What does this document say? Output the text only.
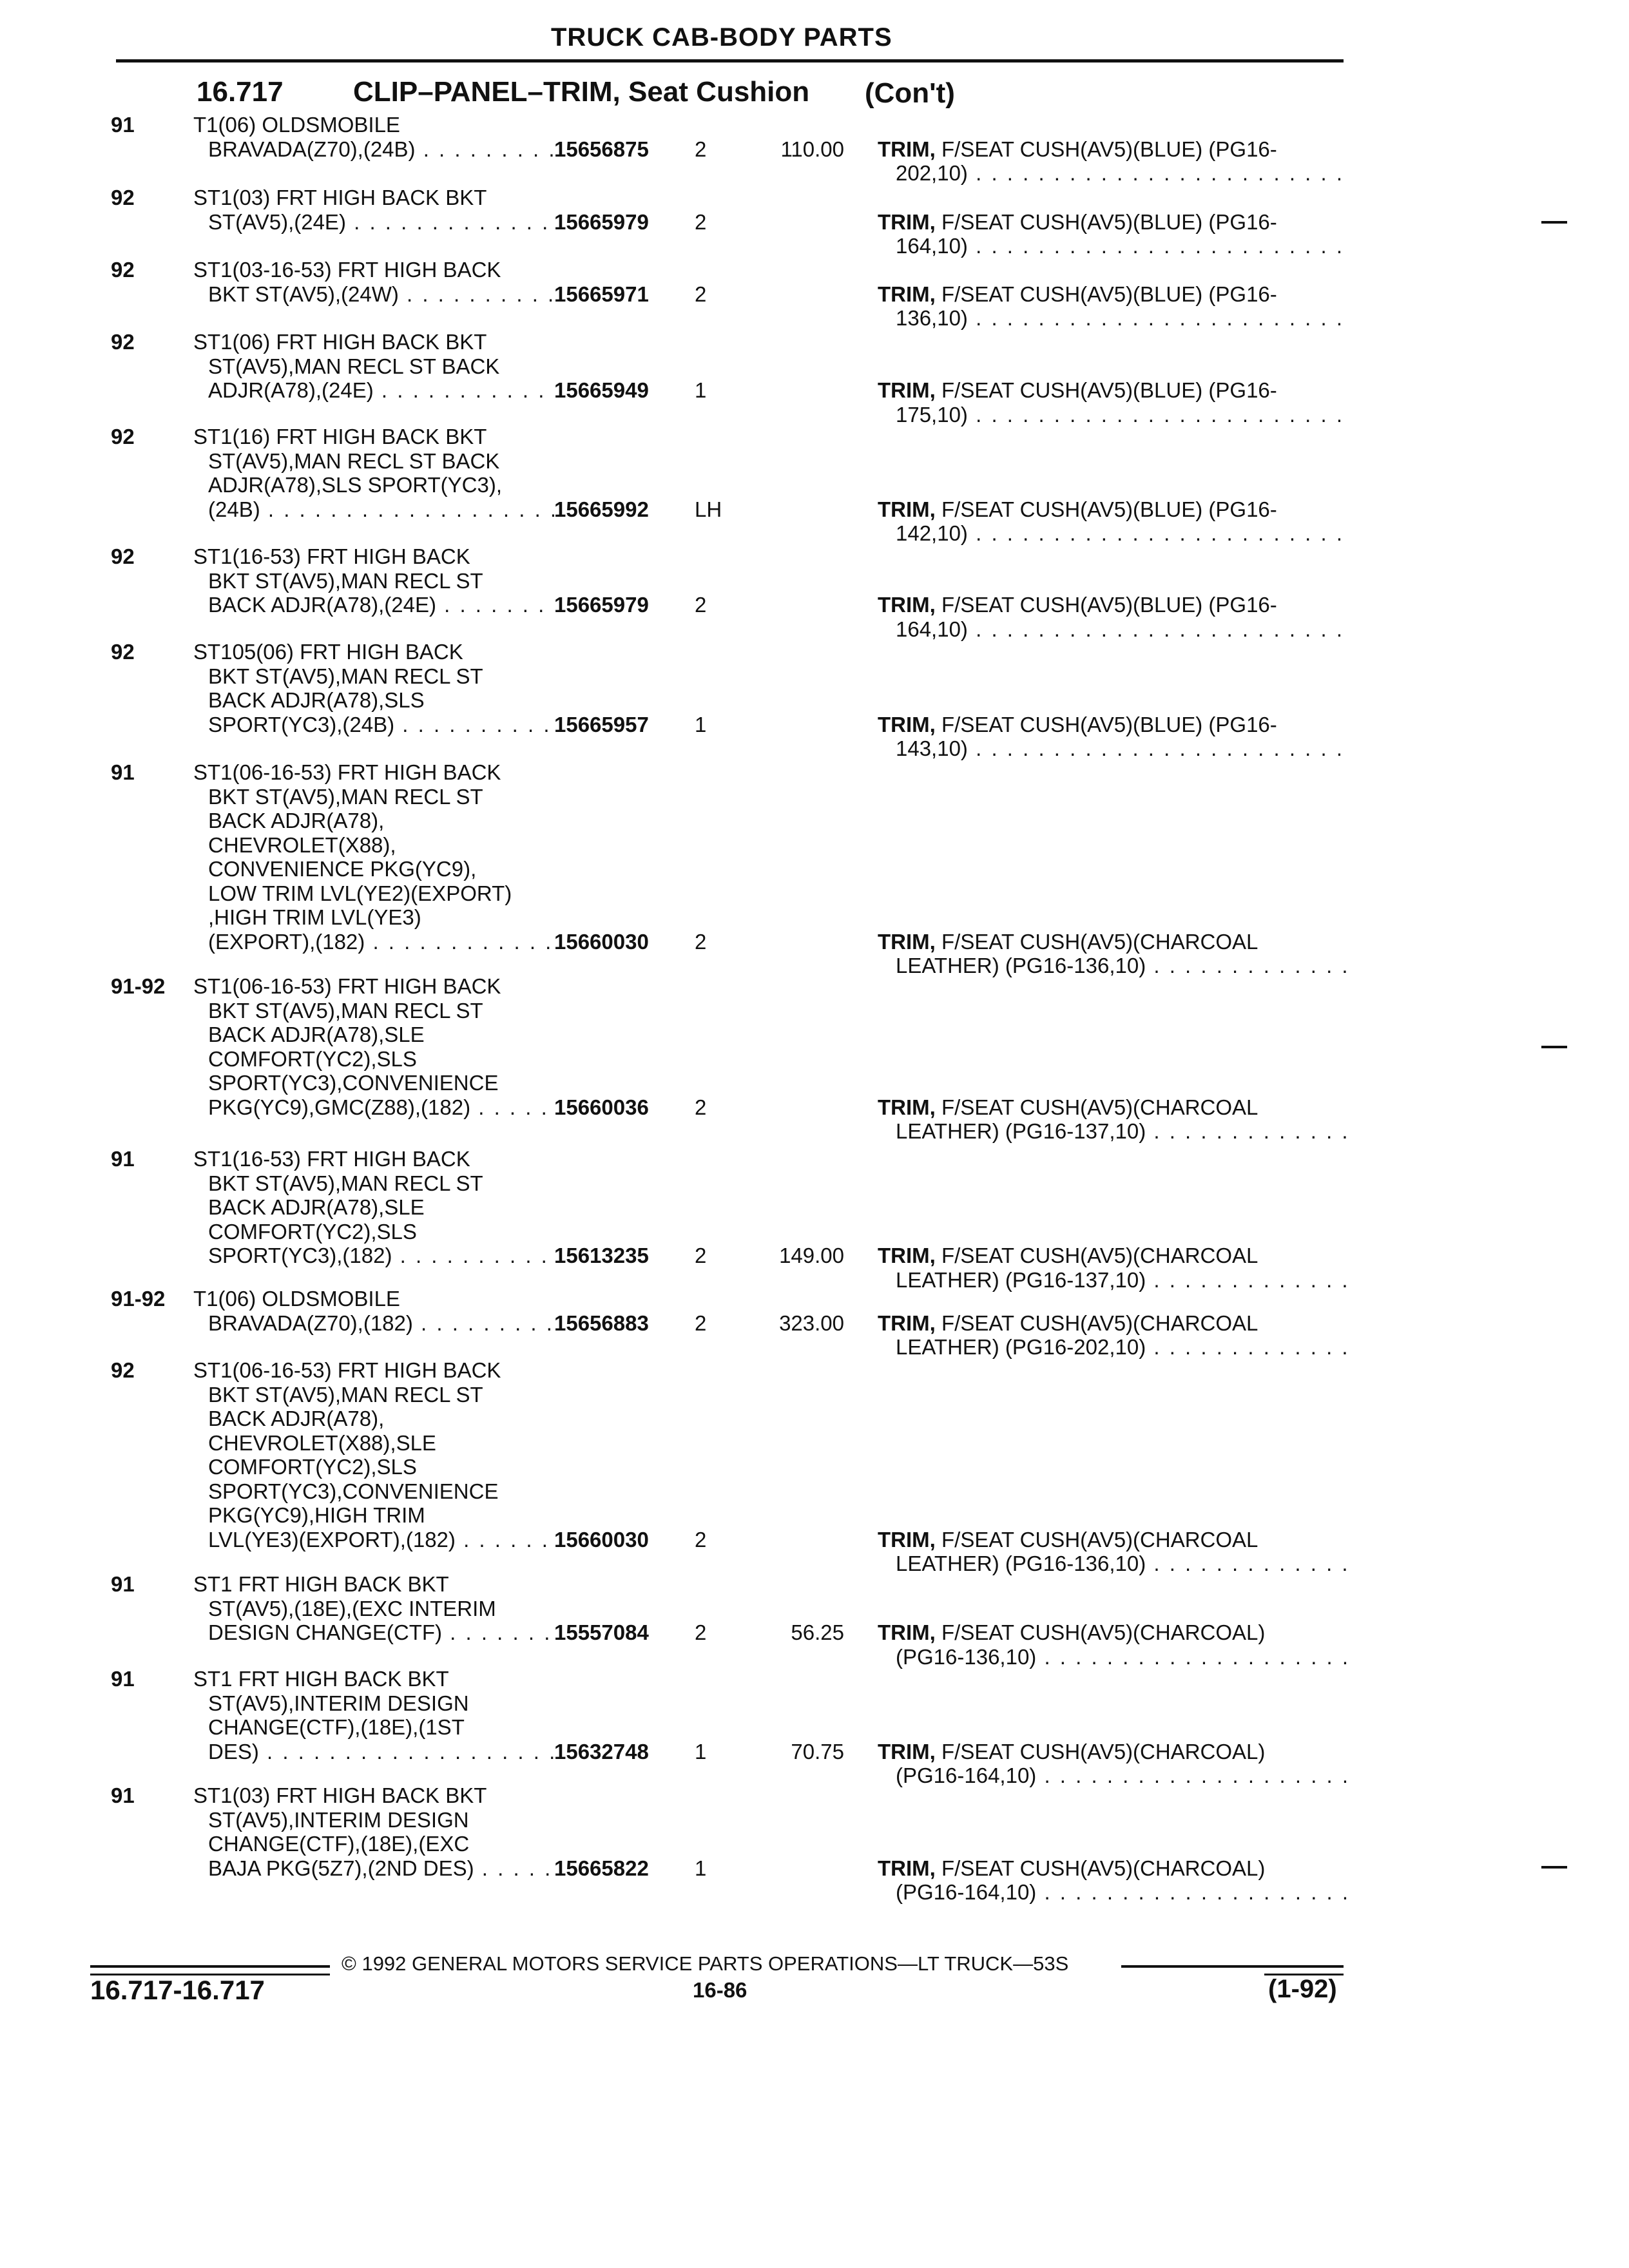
TRUCK CAB-BODY PARTS
16.717 CLIP–PANEL–TRIM, Seat Cushion (Con't)
91	T1(06) OLDSMOBILE
BRAVADA(Z70),(24B) . . .	15656875 2	110.00 TRIM, F/SEAT CUSH(AV5)(BLUE) (PG16-
202,10) . . .
92	ST1(03) FRT HIGH BACK BKT
ST(AV5),(24E) . . .	15665979 2	TRIM, F/SEAT CUSH(AV5)(BLUE) (PG16-
164,10) . . .
92	ST1(03-16-53) FRT HIGH BACK
BKT ST(AV5),(24W) . . .	15665971 2	TRIM, F/SEAT CUSH(AV5)(BLUE) (PG16-
136,10) . . .
92	ST1(06) FRT HIGH BACK BKT
ST(AV5),MAN RECL ST BACK
ADJR(A78),(24E) . . .	15665949 1	TRIM, F/SEAT CUSH(AV5)(BLUE) (PG16-
175,10) . . .
92	ST1(16) FRT HIGH BACK BKT
ST(AV5),MAN RECL ST BACK
ADJR(A78),SLS SPORT(YC3),
(24B) . . .	15665992 LH	TRIM, F/SEAT CUSH(AV5)(BLUE) (PG16-
142,10) . . .
92	ST1(16-53) FRT HIGH BACK
BKT ST(AV5),MAN RECL ST
BACK ADJR(A78),(24E) . . .	15665979 2	TRIM, F/SEAT CUSH(AV5)(BLUE) (PG16-
164,10) . . .
92	ST105(06) FRT HIGH BACK
BKT ST(AV5),MAN RECL ST
BACK ADJR(A78),SLS
SPORT(YC3),(24B) . . .	15665957 1	TRIM, F/SEAT CUSH(AV5)(BLUE) (PG16-
143,10) . . .
91	ST1(06-16-53) FRT HIGH BACK
BKT ST(AV5),MAN RECL ST
BACK ADJR(A78),
CHEVROLET(X88),
CONVENIENCE PKG(YC9),
LOW TRIM LVL(YE2)(EXPORT)
,HIGH TRIM LVL(YE3)
(EXPORT),(182) . . .	15660030 2	TRIM, F/SEAT CUSH(AV5)(CHARCOAL
LEATHER) (PG16-136,10) . . .
91-92 ST1(06-16-53) FRT HIGH BACK
BKT ST(AV5),MAN RECL ST
BACK ADJR(A78),SLE
COMFORT(YC2),SLS
SPORT(YC3),CONVENIENCE
PKG(YC9),GMC(Z88),(182) . . .	15660036 2	TRIM, F/SEAT CUSH(AV5)(CHARCOAL
LEATHER) (PG16-137,10) . . .
91	ST1(16-53) FRT HIGH BACK
BKT ST(AV5),MAN RECL ST
BACK ADJR(A78),SLE
COMFORT(YC2),SLS
SPORT(YC3),(182) . . .	15613235 2	149.00 TRIM, F/SEAT CUSH(AV5)(CHARCOAL
LEATHER) (PG16-137,10) . . .
91-92 T1(06) OLDSMOBILE
BRAVADA(Z70),(182) . . .	15656883 2	323.00 TRIM, F/SEAT CUSH(AV5)(CHARCOAL
LEATHER) (PG16-202,10) . . .
92	ST1(06-16-53) FRT HIGH BACK
BKT ST(AV5),MAN RECL ST
BACK ADJR(A78),
CHEVROLET(X88),SLE
COMFORT(YC2),SLS
SPORT(YC3),CONVENIENCE
PKG(YC9),HIGH TRIM
LVL(YE3)(EXPORT),(182) . . .	15660030 2	TRIM, F/SEAT CUSH(AV5)(CHARCOAL
LEATHER) (PG16-136,10) . . .
91	ST1 FRT HIGH BACK BKT
ST(AV5),(18E),(EXC INTERIM
DESIGN CHANGE(CTF) . . .	15557084 2	56.25 TRIM, F/SEAT CUSH(AV5)(CHARCOAL)
(PG16-136,10) . . .
91	ST1 FRT HIGH BACK BKT
ST(AV5),INTERIM DESIGN
CHANGE(CTF),(18E),(1ST
DES) . . .	15632748 1	70.75 TRIM, F/SEAT CUSH(AV5)(CHARCOAL)
(PG16-164,10) . . .
91	ST1(03) FRT HIGH BACK BKT
ST(AV5),INTERIM DESIGN
CHANGE(CTF),(18E),(EXC
BAJA PKG(5Z7),(2ND DES) . . .	15665822 1	TRIM, F/SEAT CUSH(AV5)(CHARCOAL)
(PG16-164,10) . . .
© 1992 GENERAL MOTORS SERVICE PARTS OPERATIONS—LT TRUCK—53S
16.717-16.717	16-86	(1-92)
